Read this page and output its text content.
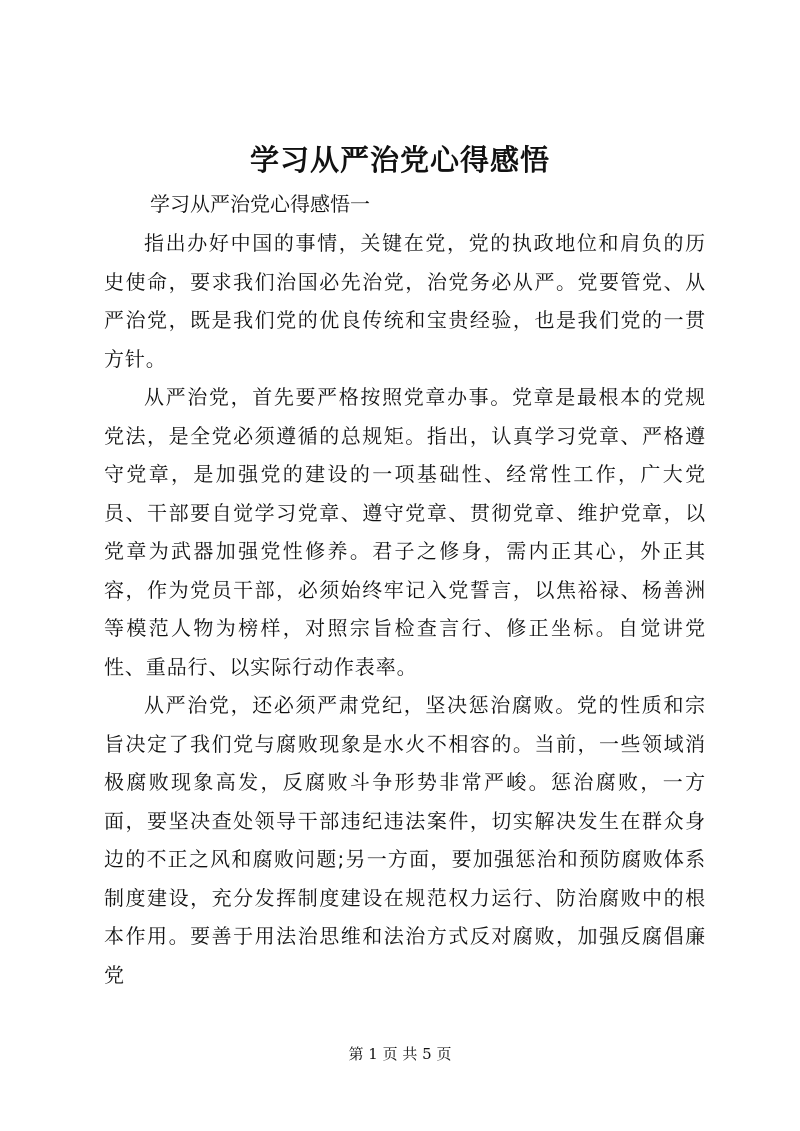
学习从严治党心得感悟

学习从严治党心得感悟一

指出办好中国的事情，关键在党，党的执政地位和肩负的历史使命，要求我们治国必先治党，治党务必从严。党要管党、从严治党，既是我们党的优良传统和宝贵经验，也是我们党的一贯方针。

从严治党，首先要严格按照党章办事。党章是最根本的党规党法，是全党必须遵循的总规矩。指出，认真学习党章、严格遵守党章，是加强党的建设的一项基础性、经常性工作，广大党员、干部要自觉学习党章、遵守党章、贯彻党章、维护党章，以党章为武器加强党性修养。君子之修身，需内正其心，外正其容，作为党员干部，必须始终牢记入党誓言，以焦裕禄、杨善洲等模范人物为榜样，对照宗旨检查言行、修正坐标。自觉讲党性、重品行、以实际行动作表率。

从严治党，还必须严肃党纪，坚决惩治腐败。党的性质和宗旨决定了我们党与腐败现象是水火不相容的。当前，一些领域消极腐败现象高发，反腐败斗争形势非常严峻。惩治腐败，一方面，要坚决查处领导干部违纪违法案件，切实解决发生在群众身边的不正之风和腐败问题;另一方面，要加强惩治和预防腐败体系制度建设，充分发挥制度建设在规范权力运行、防治腐败中的根本作用。要善于用法治思维和法治方式反对腐败，加强反腐倡廉党

第 1 页 共 5 页
